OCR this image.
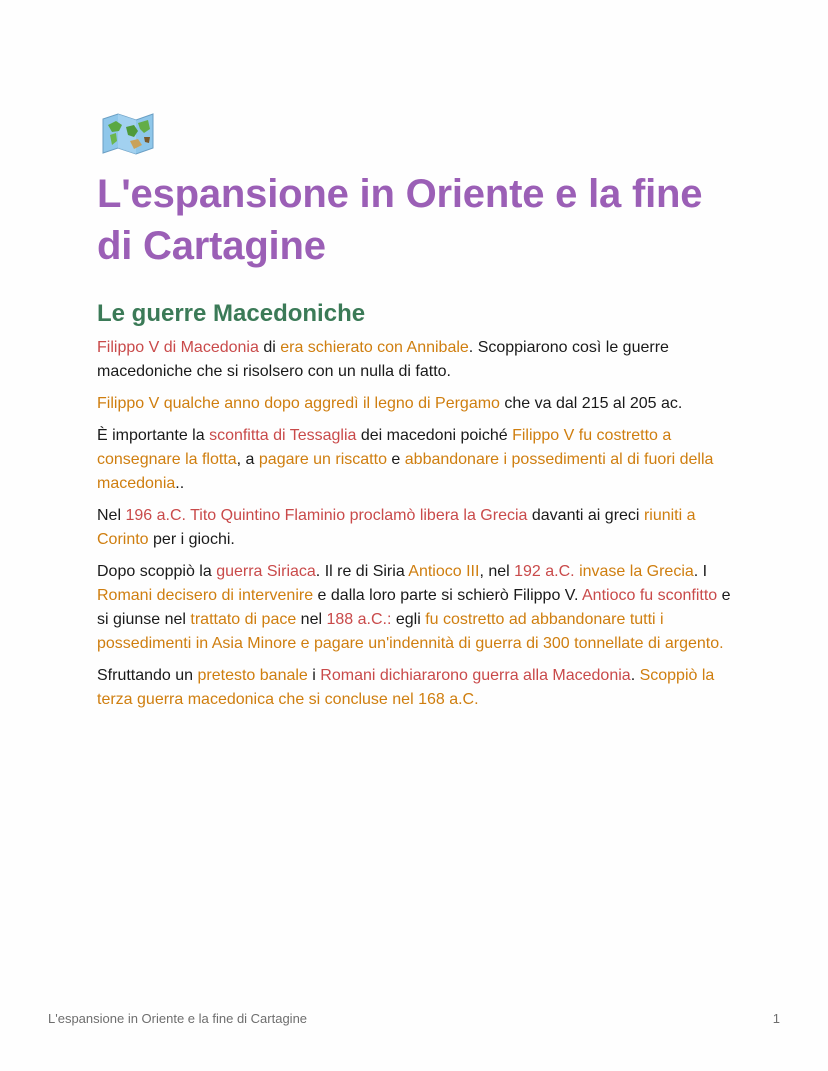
L'espansione in Oriente e la fine di Cartagine
Le guerre Macedoniche

Filippo V di Macedonia di era schierato con Annibale. Scoppiarono così le guerre macedoniche che si risolsero con un nulla di fatto.

Filippo V qualche anno dopo aggredì il legno di Pergamo che va dal 215 al 205 ac.

È importante la sconfitta di Tessaglia dei macedoni poiché Filippo V fu costretto a consegnare la flotta, a pagare un riscatto e abbandonare i possedimenti al di fuori della macedonia..

Nel 196 a.C. Tito Quintino Flaminio proclamò libera la Grecia davanti ai greci riuniti a Corinto per i giochi.

Dopo scoppiò la guerra Siriaca. Il re di Siria Antioco III, nel 192 a.C. invase la Grecia. I Romani decisero di intervenire e dalla loro parte si schierò Filippo V. Antioco fu sconfitto e si giunse nel trattato di pace nel 188 a.C.: egli fu costretto ad abbandonare tutti i possedimenti in Asia Minore e pagare un'indennità di guerra di 300 tonnellate di argento.

Sfruttando un pretesto banale i Romani dichiararono guerra alla Macedonia. Scoppiò la terza guerra macedonica che si concluse nel 168 a.C.

L'espansione in Oriente e la fine di Cartagine	1
